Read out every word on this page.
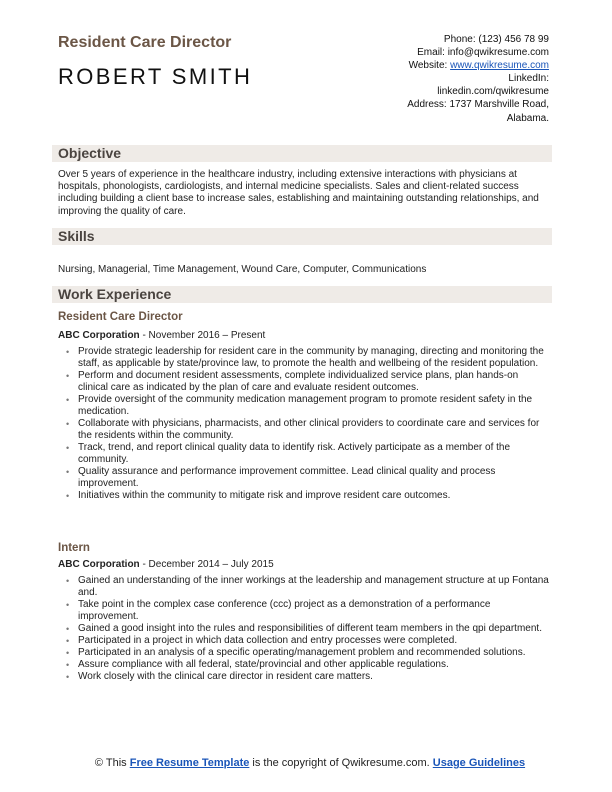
Resident Care Director
ROBERT SMITH
Phone: (123) 456 78 99
Email: info@qwikresume.com
Website: www.qwikresume.com
LinkedIn:
linkedin.com/qwikresume
Address: 1737 Marshville Road,
Alabama.
Objective
Over 5 years of experience in the healthcare industry, including extensive interactions with physicians at hospitals, phonologists, cardiologists, and internal medicine specialists. Sales and client-related success including building a client base to increase sales, establishing and maintaining outstanding relationships, and improving the quality of care.
Skills
Nursing, Managerial, Time Management, Wound Care, Computer, Communications
Work Experience
Resident Care Director
ABC Corporation - November 2016 – Present
• Provide strategic leadership for resident care in the community by managing, directing and monitoring the staff, as applicable by state/province law, to promote the health and wellbeing of the resident population.
• Perform and document resident assessments, complete individualized service plans, plan hands-on clinical care as indicated by the plan of care and evaluate resident outcomes.
• Provide oversight of the community medication management program to promote resident safety in the medication.
• Collaborate with physicians, pharmacists, and other clinical providers to coordinate care and services for the residents within the community.
• Track, trend, and report clinical quality data to identify risk. Actively participate as a member of the community.
• Quality assurance and performance improvement committee. Lead clinical quality and process improvement.
• Initiatives within the community to mitigate risk and improve resident care outcomes.
Intern
ABC Corporation - December 2014 – July 2015
• Gained an understanding of the inner workings at the leadership and management structure at up Fontana and.
• Take point in the complex case conference (ccc) project as a demonstration of a performance improvement.
• Gained a good insight into the rules and responsibilities of different team members in the qpi department.
• Participated in a project in which data collection and entry processes were completed.
• Participated in an analysis of a specific operating/management problem and recommended solutions.
• Assure compliance with all federal, state/provincial and other applicable regulations.
• Work closely with the clinical care director in resident care matters.
© This Free Resume Template is the copyright of Qwikresume.com. Usage Guidelines
